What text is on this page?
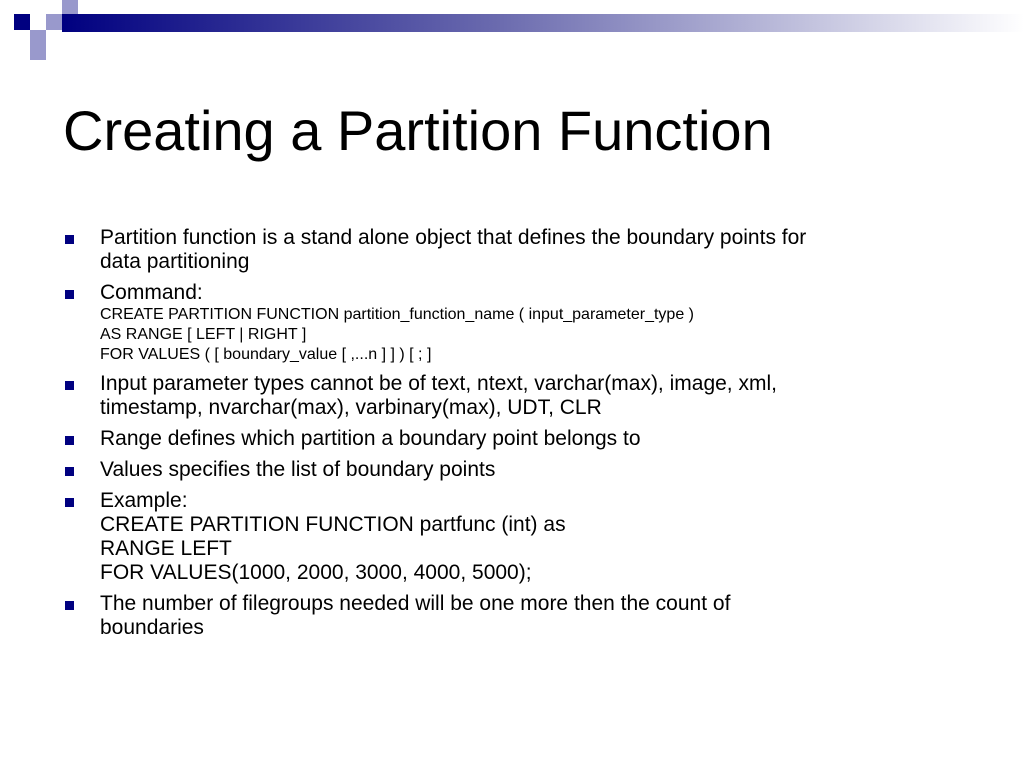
Creating a Partition Function
Partition function is a stand alone object that defines the boundary points for
data partitioning
Command:
CREATE PARTITION FUNCTION partition_function_name ( input_parameter_type )
AS RANGE [ LEFT | RIGHT ]
FOR VALUES ( [ boundary_value [ ,...n ] ] ) [ ; ]
Input parameter types cannot be of text, ntext, varchar(max), image, xml,
timestamp, nvarchar(max), varbinary(max), UDT, CLR
Range defines which partition a boundary point belongs to
Values specifies the list of boundary points
Example:
CREATE PARTITION FUNCTION partfunc (int) as
RANGE LEFT
FOR VALUES(1000, 2000, 3000, 4000, 5000);
The number of filegroups needed will be one more then the count of
boundaries
